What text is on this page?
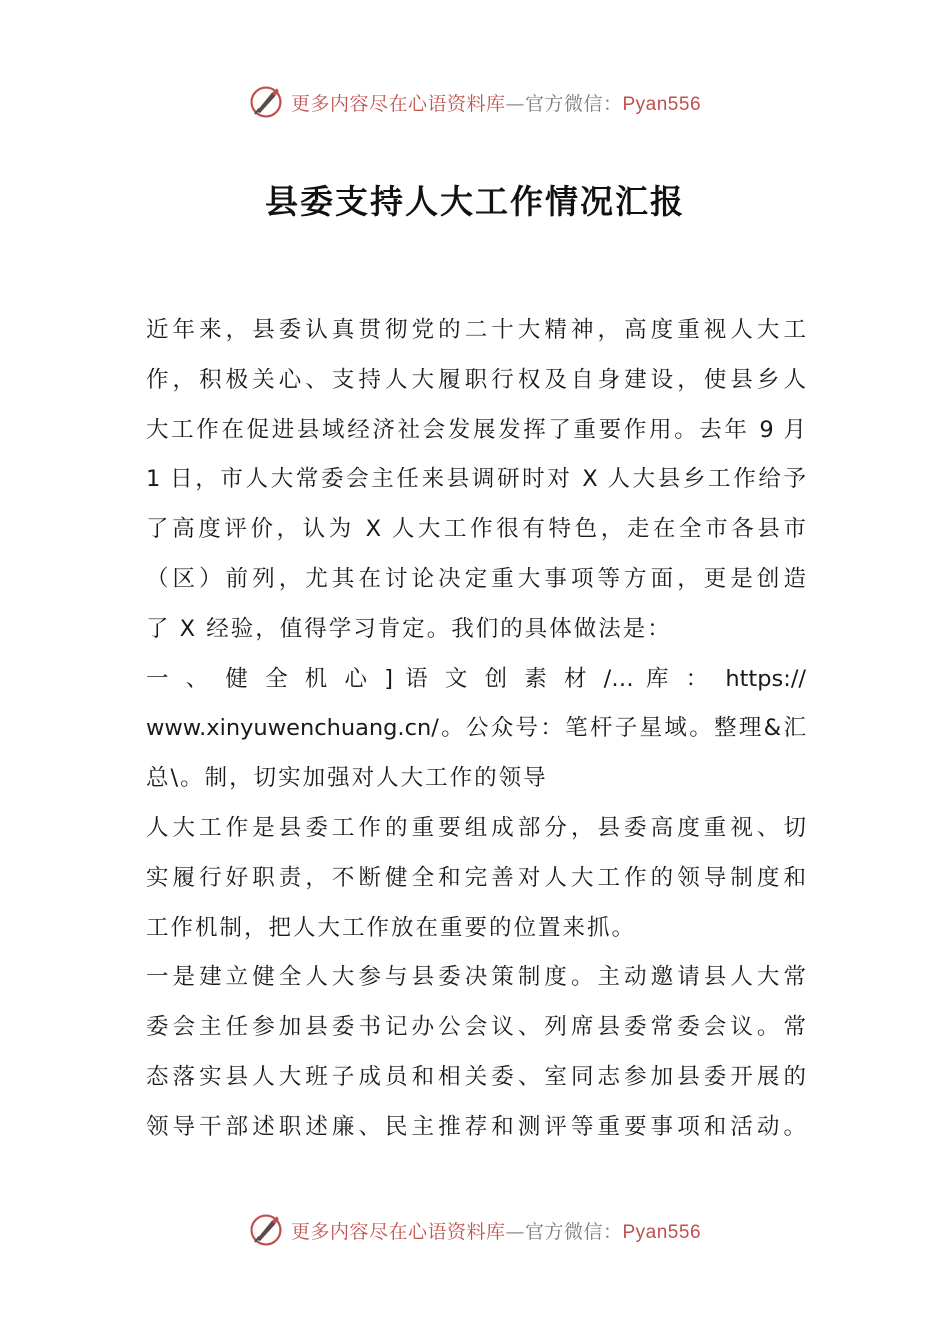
更多内容尽在心语资料库—官方微信：Pyan556
县委支持人大工作情况汇报
近年来，县委认真贯彻党的二十大精神，高度重视人大工
作，积极关心、支持人大履职行权及自身建设，使县乡人
大工作在促进县域经济社会发展发挥了重要作用。去年 9 月
1 日，市人大常委会主任来县调研时对 X 人大县乡工作给予
了高度评价，认为 X 人大工作很有特色，走在全市各县市
（区）前列，尤其在讨论决定重大事项等方面，更是创造
了 X 经验，值得学习肯定。我们的具体做法是：
一 、 健 全 机 心 ] 语 文 创 素 材 /… 库 ： https://
www.xinyuwenchuang.cn/。公众号：笔杆子星域。整理&汇
总\。制，切实加强对人大工作的领导
人大工作是县委工作的重要组成部分，县委高度重视、切
实履行好职责，不断健全和完善对人大工作的领导制度和
工作机制，把人大工作放在重要的位置来抓。
一是建立健全人大参与县委决策制度。主动邀请县人大常
委会主任参加县委书记办公会议、列席县委常委会议。常
态落实县人大班子成员和相关委、室同志参加县委开展的
领导干部述职述廉、民主推荐和测评等重要事项和活动。
更多内容尽在心语资料库—官方微信：Pyan556
